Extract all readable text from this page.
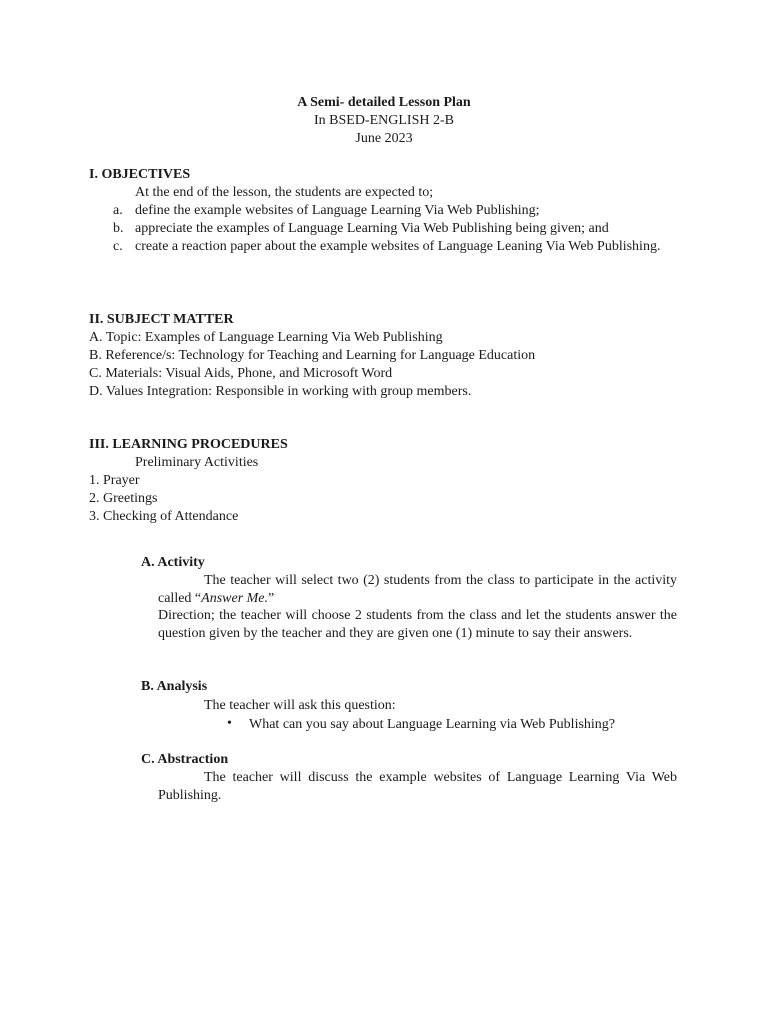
A Semi- detailed Lesson Plan
In BSED-ENGLISH 2-B
June 2023
I. OBJECTIVES
At the end of the lesson, the students are expected to;
a. define the example websites of Language Learning Via Web Publishing;
b. appreciate the examples of Language Learning Via Web Publishing being given; and
c. create a reaction paper about the example websites of Language Leaning Via Web Publishing.
II. SUBJECT MATTER
A. Topic: Examples of Language Learning Via Web Publishing
B. Reference/s: Technology for Teaching and Learning for Language Education
C. Materials: Visual Aids, Phone, and Microsoft Word
D. Values Integration: Responsible in working with group members.
III. LEARNING PROCEDURES
Preliminary Activities
1. Prayer
2. Greetings
3. Checking of Attendance
A. Activity
The teacher will select two (2) students from the class to participate in the activity called “Answer Me.”
Direction; the teacher will choose 2 students from the class and let the students answer the question given by the teacher and they are given one (1) minute to say their answers.
B. Analysis
The teacher will ask this question:
• What can you say about Language Learning via Web Publishing?
C. Abstraction
The teacher will discuss the example websites of Language Learning Via Web Publishing.
